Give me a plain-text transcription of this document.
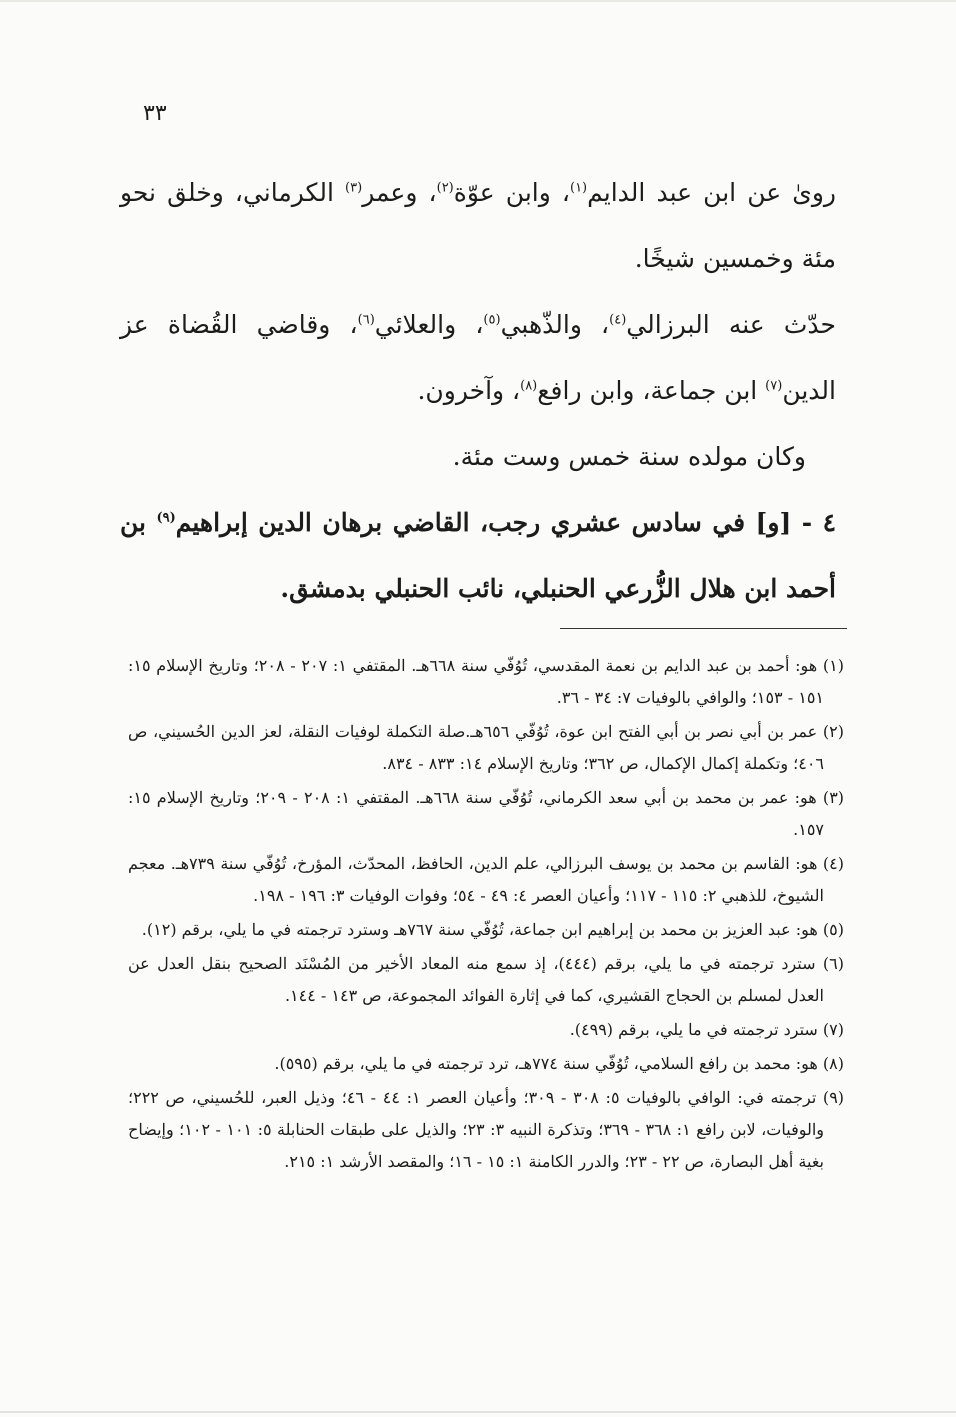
٣٣

رویٰ عن ابن عبد الدايم$^{(١)}$، وابن عوّة$^{(٢)}$، وعمر$^{(٣)}$ الكرماني، وخلق نحو مئة وخمسين شيخًا.

حدّث عنه البرزالي$^{(٤)}$، والذّهبي$^{(٥)}$، والعلائي$^{(٦)}$، وقاضي القُضاة عز الدين$^{(٧)}$ ابن جماعة، وابن رافع$^{(٨)}$، وآخرون.

وكان مولده سنة خمس وست مئة.

٤ - [و] في سادس عشري رجب، القاضي برهان الدين إبراهيم$^{(٩)}$ بن أحمد ابن هلال الزُّرعي الحنبلي، نائب الحنبلي بدمشق.

(١) هو: أحمد بن عبد الدايم بن نعمة المقدسي، تُوُفّي سنة ٦٦٨هـ. المقتفي ١: ٢٠٧ - ٢٠٨؛ وتاريخ الإسلام ١٥: ١٥١ - ١٥٣؛ والوافي بالوفيات ٧: ٣٤ - ٣٦.

(٢) عمر بن أبي نصر بن أبي الفتح ابن عوة، تُوُفّي ٦٥٦هـ.صلة التكملة لوفيات النقلة، لعز الدين الحُسيني، ص ٤٠٦؛ وتكملة إكمال الإكمال، ص ٣٦٢؛ وتاريخ الإسلام ١٤: ٨٣٣ - ٨٣٤.

(٣) هو: عمر بن محمد بن أبي سعد الكرماني، تُوُفّي سنة ٦٦٨هـ. المقتفي ١: ٢٠٨ - ٢٠٩؛ وتاريخ الإسلام ١٥: ١٥٧.

(٤) هو: القاسم بن محمد بن يوسف البرزالي، علم الدين، الحافظ، المحدّث، المؤرخ، تُوُفّي سنة ٧٣٩هـ. معجم الشيوخ، للذهبي ٢: ١١٥ - ١١٧؛ وأعيان العصر ٤: ٤٩ - ٥٤؛ وفوات الوفيات ٣: ١٩٦ - ١٩٨.

(٥) هو: عبد العزيز بن محمد بن إبراهيم ابن جماعة، تُوُفّي سنة ٧٦٧هـ وسترد ترجمته في ما يلي، برقم (١٢).

(٦) سترد ترجمته في ما يلي، برقم (٤٤٤)، إذ سمع منه المعاد الأخير من المُسْنَد الصحيح بنقل العدل عن العدل لمسلم بن الحجاج القشيري، كما في إثارة الفوائد المجموعة، ص ١٤٣ - ١٤٤.

(٧) سترد ترجمته في ما يلي، برقم (٤٩٩).

(٨) هو: محمد بن رافع السلامي، تُوُفّي سنة ٧٧٤هـ، ترد ترجمته في ما يلي، برقم (٥٩٥).

(٩) ترجمته في: الوافي بالوفيات ٥: ٣٠٨ - ٣٠٩؛ وأعيان العصر ١: ٤٤ - ٤٦؛ وذيل العبر، للحُسيني، ص ٢٢٢؛ والوفيات، لابن رافع ١: ٣٦٨ - ٣٦٩؛ وتذكرة النبيه ٣: ٢٣؛ والذيل على طبقات الحنابلة ٥: ١٠١ - ١٠٢؛ وإيضاح بغية أهل البصارة، ص ٢٢ - ٢٣؛ والدرر الكامنة ١: ١٥ - ١٦؛ والمقصد الأرشد ١: ٢١٥.
